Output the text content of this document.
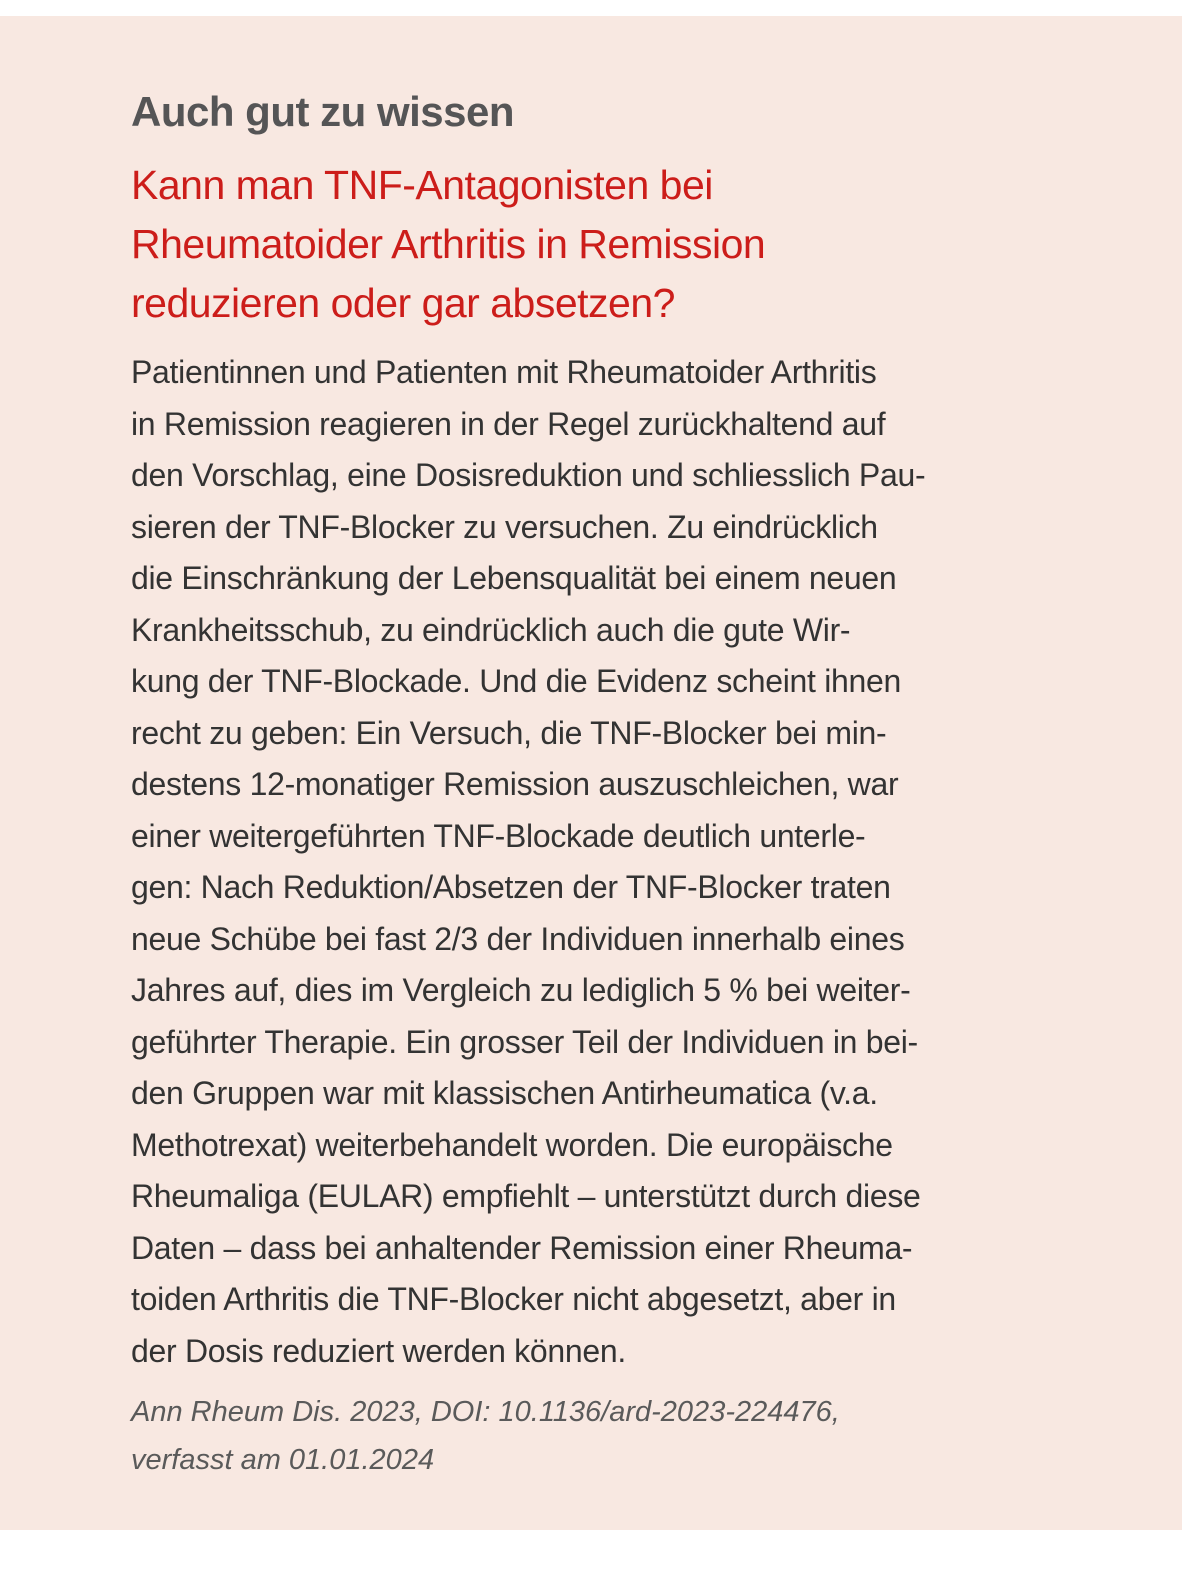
Auch gut zu wissen
Kann man TNF-Antagonisten bei
Rheumatoider Arthritis in Remission
reduzieren oder gar absetzen?

Patientinnen und Patienten mit Rheumatoider Arthritis
in Remission reagieren in der Regel zurückhaltend auf
den Vorschlag, eine Dosisreduktion und schliesslich Pau-
sieren der TNF-Blocker zu versuchen. Zu eindrücklich
die Einschränkung der Lebensqualität bei einem neuen
Krankheitsschub, zu eindrücklich auch die gute Wir-
kung der TNF-Blockade. Und die Evidenz scheint ihnen
recht zu geben: Ein Versuch, die TNF-Blocker bei min-
destens 12-monatiger Remission auszuschleichen, war
einer weitergeführten TNF-Blockade deutlich unterle-
gen: Nach Reduktion/Absetzen der TNF-Blocker traten
neue Schübe bei fast 2/3 der Individuen innerhalb eines
Jahres auf, dies im Vergleich zu lediglich 5 % bei weiter-
geführter Therapie. Ein grosser Teil der Individuen in bei-
den Gruppen war mit klassischen Antirheumatica (v.a.
Methotrexat) weiterbehandelt worden. Die europäische
Rheumaliga (EULAR) empfiehlt – unterstützt durch diese
Daten – dass bei anhaltender Remission einer Rheuma-
toiden Arthritis die TNF-Blocker nicht abgesetzt, aber in
der Dosis reduziert werden können.

Ann Rheum Dis. 2023, DOI: 10.1136/ard-2023-224476,
verfasst am 01.01.2024
